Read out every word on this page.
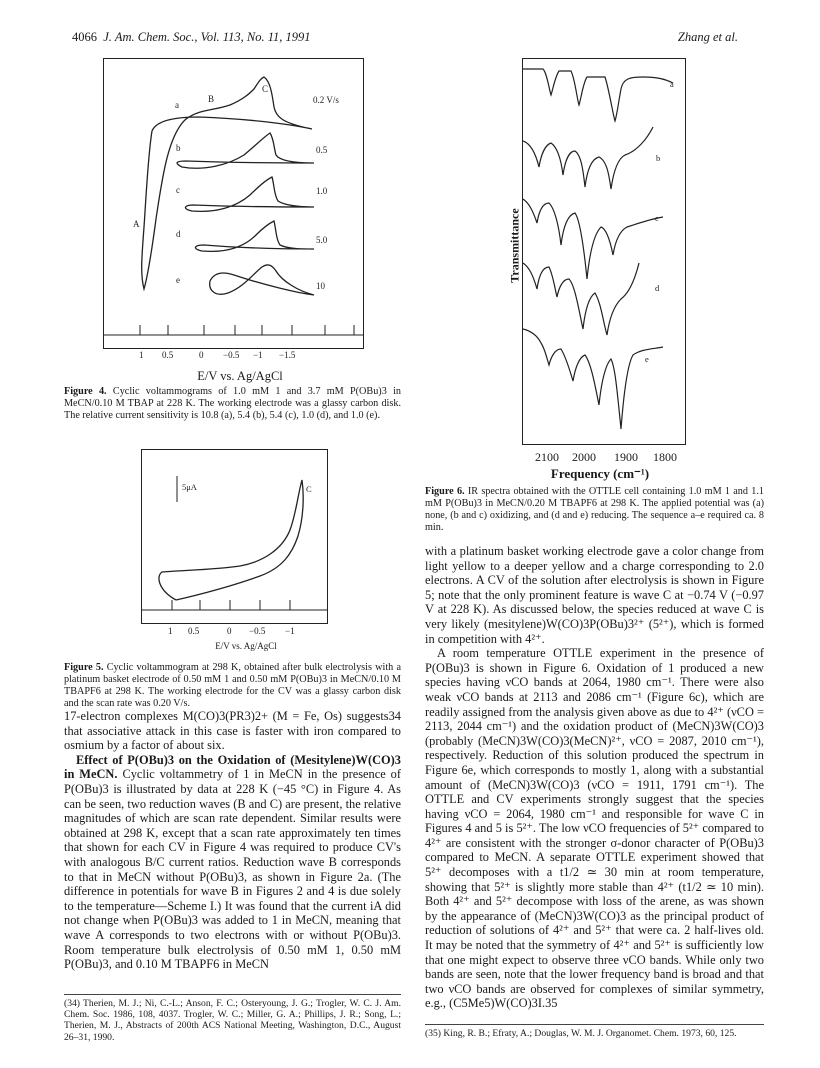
4066 J. Am. Chem. Soc., Vol. 113, No. 11, 1991	Zhang et al.
a
b
c
d
e
0.2 V/s
0.5
1.0
5.0
10
A
B
C
1 0.5	0 −0.5 −1 −1.5
E/V vs. Ag/AgCl
Figure 4. Cyclic voltammograms of 1.0 mM 1 and 3.7 mM P(OBu)3 in MeCN/0.10 M TBAP at 228 K. The working electrode was a glassy carbon disk. The relative current sensitivity is 10.8 (a), 5.4 (b), 5.4 (c), 1.0 (d), and 1.0 (e).
5μA	C
1 0.5	0 −0.5 −1
E/V vs. Ag/AgCl
Figure 5. Cyclic voltammogram at 298 K, obtained after bulk electrolysis with a platinum basket electrode of 0.50 mM 1 and 0.50 mM P(OBu)3 in MeCN/0.10 M TBAPF6 at 298 K. The working electrode for the CV was a glassy carbon disk and the scan rate was 0.20 V/s.
a
b
c
d
e
Transmittance
2100 2000 1900 1800
Frequency (cm⁻¹)
Figure 6. IR spectra obtained with the OTTLE cell containing 1.0 mM 1 and 1.1 mM P(OBu)3 in MeCN/0.20 M TBAPF6 at 298 K. The applied potential was (a) none, (b and c) oxidizing, and (d and e) reducing. The sequence a–e required ca. 8 min.

17-electron complexes M(CO)3(PR3)2+ (M = Fe, Os) suggests34 that associative attack in this case is faster with iron compared to osmium by a factor of about six.

Effect of P(OBu)3 on the Oxidation of (Mesitylene)W(CO)3 in MeCN. Cyclic voltammetry of 1 in MeCN in the presence of P(OBu)3 is illustrated by data at 228 K (−45 °C) in Figure 4. As can be seen, two reduction waves (B and C) are present, the relative magnitudes of which are scan rate dependent. Similar results were obtained at 298 K, except that a scan rate approximately ten times that shown for each CV in Figure 4 was required to produce CV's with analogous B/C current ratios. Reduction wave B corresponds to that in MeCN without P(OBu)3, as shown in Figure 2a. (The difference in potentials for wave B in Figures 2 and 4 is due solely to the temperature—Scheme I.) It was found that the current iA did not change when P(OBu)3 was added to 1 in MeCN, meaning that wave A corresponds to two electrons with or without P(OBu)3. Room temperature bulk electrolysis of 0.50 mM 1, 0.50 mM P(OBu)3, and 0.10 M TBAPF6 in MeCN

with a platinum basket working electrode gave a color change from light yellow to a deeper yellow and a charge corresponding to 2.0 electrons. A CV of the solution after electrolysis is shown in Figure 5; note that the only prominent feature is wave C at −0.74 V (−0.97 V at 228 K). As discussed below, the species reduced at wave C is very likely (mesitylene)W(CO)3P(OBu)3²⁺ (5²⁺), which is formed in competition with 4²⁺.

A room temperature OTTLE experiment in the presence of P(OBu)3 is shown in Figure 6. Oxidation of 1 produced a new species having νCO bands at 2064, 1980 cm⁻¹. There were also weak νCO bands at 2113 and 2086 cm⁻¹ (Figure 6c), which are readily assigned from the analysis given above as due to 4²⁺ (νCO = 2113, 2044 cm⁻¹) and the oxidation product of (MeCN)3W(CO)3 (probably (MeCN)3W(CO)3(MeCN)²⁺, νCO = 2087, 2010 cm⁻¹), respectively. Reduction of this solution produced the spectrum in Figure 6e, which corresponds to mostly 1, along with a substantial amount of (MeCN)3W(CO)3 (νCO = 1911, 1791 cm⁻¹). The OTTLE and CV experiments strongly suggest that the species having νCO = 2064, 1980 cm⁻¹ and responsible for wave C in Figures 4 and 5 is 5²⁺. The low νCO frequencies of 5²⁺ compared to 4²⁺ are consistent with the stronger σ-donor character of P(OBu)3 compared to MeCN. A separate OTTLE experiment showed that 5²⁺ decomposes with a t1/2 ≃ 30 min at room temperature, showing that 5²⁺ is slightly more stable than 4²⁺ (t1/2 ≃ 10 min). Both 4²⁺ and 5²⁺ decompose with loss of the arene, as was shown by the appearance of (MeCN)3W(CO)3 as the principal product of reduction of solutions of 4²⁺ and 5²⁺ that were ca. 2 half-lives old. It may be noted that the symmetry of 4²⁺ and 5²⁺ is sufficiently low that one might expect to observe three νCO bands. While only two bands are seen, note that the lower frequency band is broad and that two νCO bands are observed for complexes of similar symmetry, e.g., (C5Me5)W(CO)3I.35

(34) Therien, M. J.; Ni, C.-L.; Anson, F. C.; Osteryoung, J. G.; Trogler, W. C. J. Am. Chem. Soc. 1986, 108, 4037. Trogler, W. C.; Miller, G. A.; Phillips, J. R.; Song, L.; Therien, M. J., Abstracts of 200th ACS National Meeting, Washington, D.C., August 26–31, 1990.	(35) King, R. B.; Efraty, A.; Douglas, W. M. J. Organomet. Chem. 1973, 60, 125.
